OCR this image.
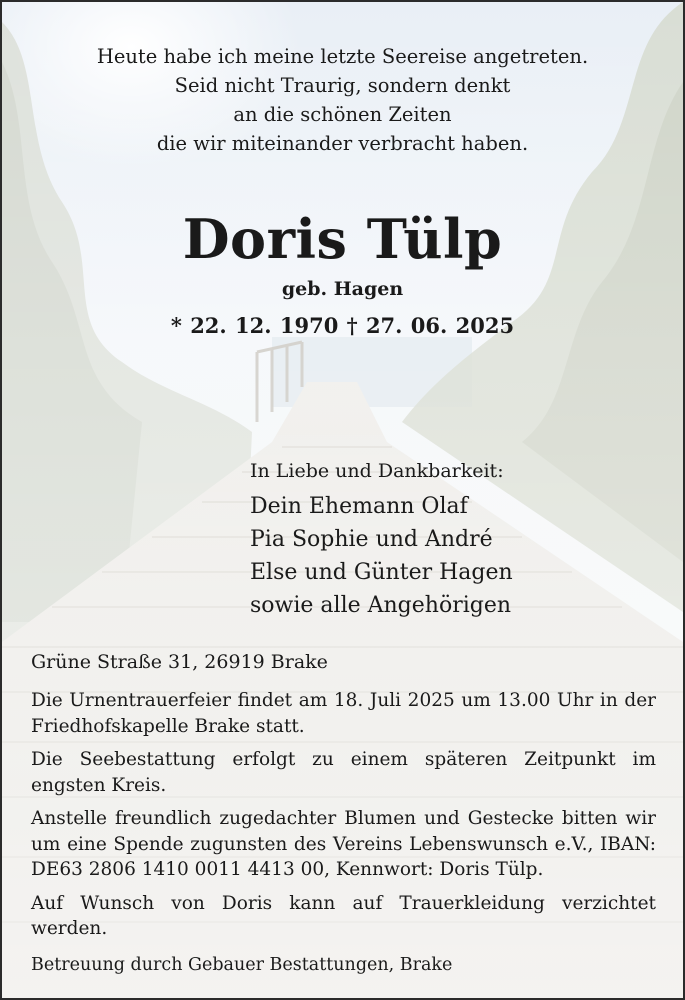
Heute habe ich meine letzte Seereise angetreten.
Seid nicht Traurig, sondern denkt
an die schönen Zeiten
die wir miteinander verbracht haben.
Doris Tülp
geb. Hagen
* 22. 12. 1970 † 27. 06. 2025
In Liebe und Dankbarkeit:
Dein Ehemann Olaf
Pia Sophie und André
Else und Günter Hagen
sowie alle Angehörigen
Grüne Straße 31, 26919 Brake

Die Urnentrauerfeier findet am 18. Juli 2025 um 13.00 Uhr in der Friedhofskapelle Brake statt.

Die Seebestattung erfolgt zu einem späteren Zeitpunkt im engsten Kreis.

Anstelle freundlich zugedachter Blumen und Gestecke bitten wir um eine Spende zugunsten des Vereins Lebenswunsch e.V., IBAN: DE63 2806 1410 0011 4413 00, Kennwort: Doris Tülp.

Auf Wunsch von Doris kann auf Trauerkleidung verzichtet werden.

Betreuung durch Gebauer Bestattungen, Brake
